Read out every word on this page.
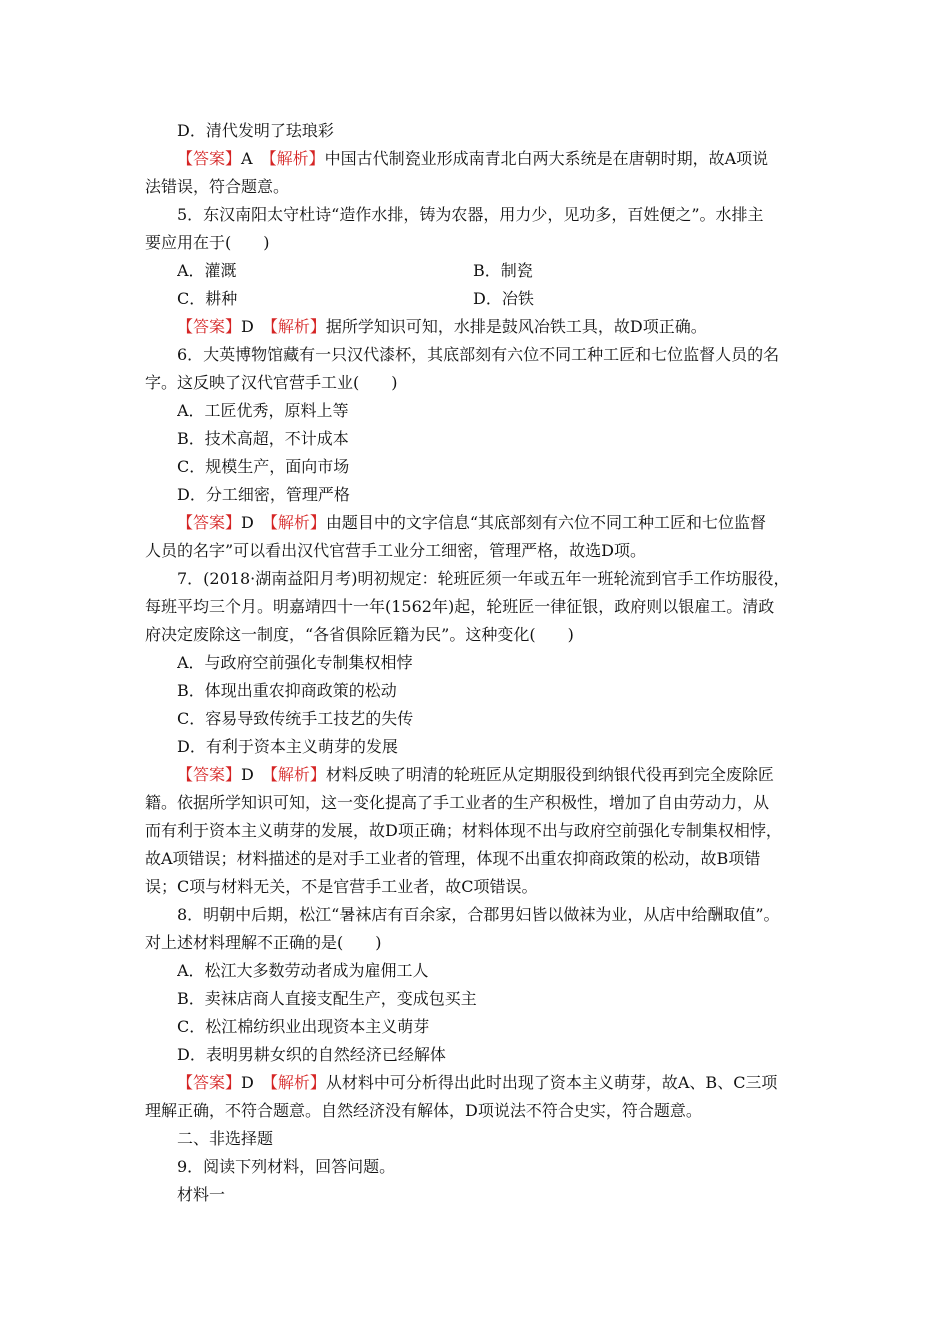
D．清代发明了珐琅彩
【答案】A　 【解析】中国古代制瓷业形成南青北白两大系统是在唐朝时期，故A项说
法错误，符合题意。
5．东汉南阳太守杜诗“造作水排，铸为农器，用力少，见功多，百姓便之”。水排主
要应用在于(　　)
A．灌溉	B．制瓷
C．耕种	D．冶铁
【答案】D　 【解析】据所学知识可知，水排是鼓风冶铁工具，故D项正确。
6．大英博物馆藏有一只汉代漆杯，其底部刻有六位不同工种工匠和七位监督人员的名
字。这反映了汉代官营手工业(　　)
A．工匠优秀，原料上等
B．技术高超，不计成本
C．规模生产，面向市场
D．分工细密，管理严格
【答案】D　 【解析】由题目中的文字信息“其底部刻有六位不同工种工匠和七位监督
人员的名字”可以看出汉代官营手工业分工细密，管理严格，故选D项。
7．(2018·湖南益阳月考)明初规定：轮班匠须一年或五年一班轮流到官手工作坊服役，
每班平均三个月。明嘉靖四十一年(1562年)起，轮班匠一律征银，政府则以银雇工。清政
府决定废除这一制度，“各省俱除匠籍为民”。这种变化(　　)
A．与政府空前强化专制集权相悖
B．体现出重农抑商政策的松动
C．容易导致传统手工技艺的失传
D．有利于资本主义萌芽的发展
【答案】D　 【解析】材料反映了明清的轮班匠从定期服役到纳银代役再到完全废除匠
籍。依据所学知识可知，这一变化提高了手工业者的生产积极性，增加了自由劳动力，从
而有利于资本主义萌芽的发展，故D项正确；材料体现不出与政府空前强化专制集权相悖，
故A项错误；材料描述的是对手工业者的管理，体现不出重农抑商政策的松动，故B项错
误；C项与材料无关，不是官营手工业者，故C项错误。
8．明朝中后期，松江“暑袜店有百余家，合郡男妇皆以做袜为业，从店中给酬取值”。
对上述材料理解不正确的是(　　)
A．松江大多数劳动者成为雇佣工人
B．卖袜店商人直接支配生产，变成包买主
C．松江棉纺织业出现资本主义萌芽
D．表明男耕女织的自然经济已经解体
【答案】D　 【解析】从材料中可分析得出此时出现了资本主义萌芽，故A、B、C三项
理解正确，不符合题意。自然经济没有解体，D项说法不符合史实，符合题意。
二、非选择题
9．阅读下列材料，回答问题。
材料一
